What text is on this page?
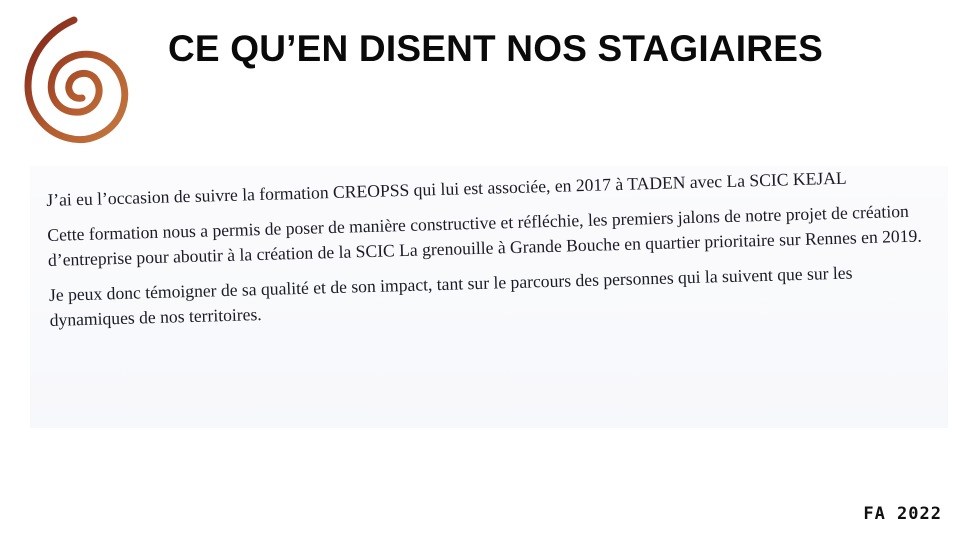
CE QU’EN DISENT NOS STAGIAIRES

J’ai eu l’occasion de suivre la formation CREOPSS qui lui est associée, en 2017 à TADEN avec La SCIC KEJAL

Cette formation nous a permis de poser de manière constructive et réfléchie, les premiers jalons de notre projet de création d’entreprise pour aboutir à la création de la SCIC La grenouille à Grande Bouche en quartier prioritaire sur Rennes en 2019.

Je peux donc témoigner de sa qualité et de son impact, tant sur le parcours des personnes qui la suivent que sur les dynamiques de nos territoires.

FA 2022
